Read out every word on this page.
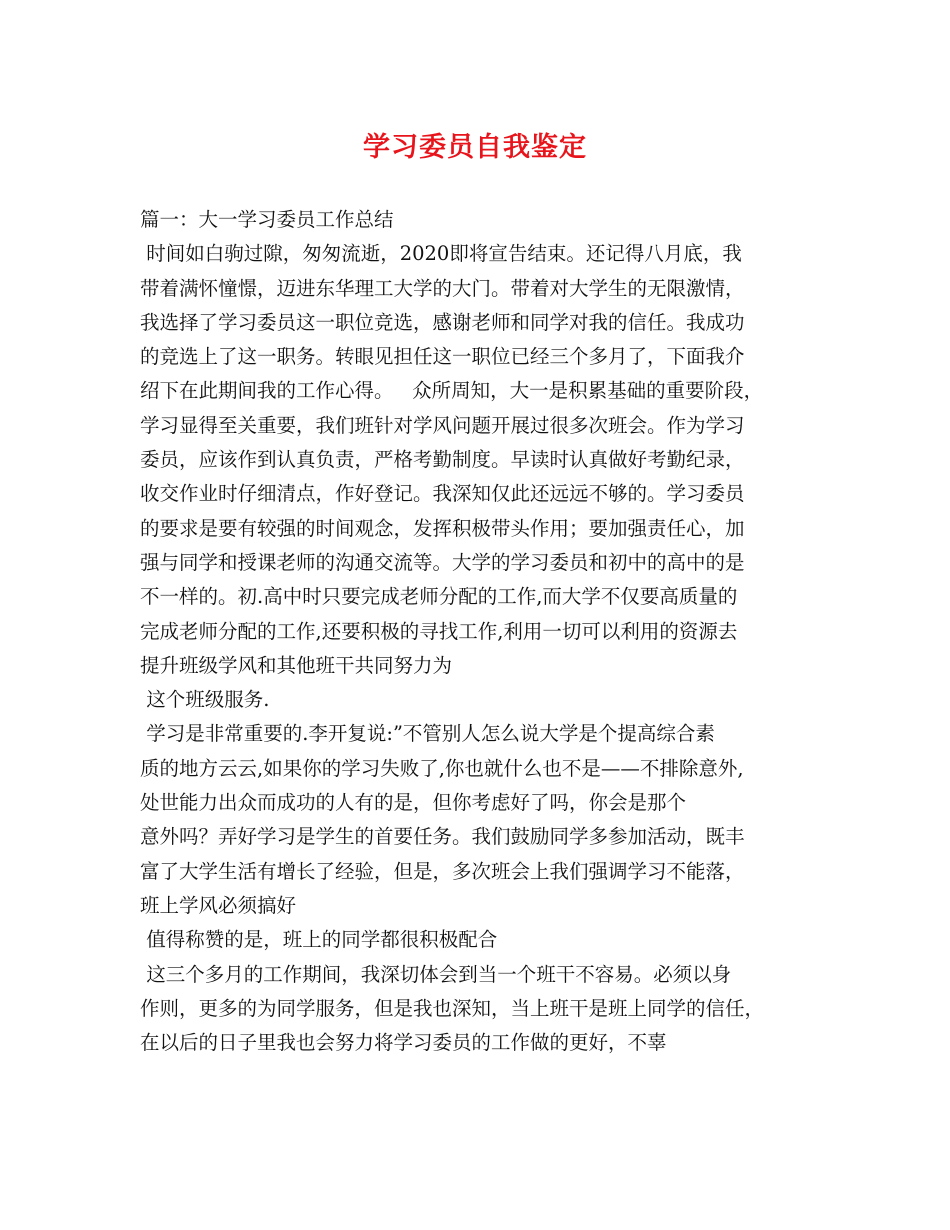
学习委员自我鉴定
篇一：大一学习委员工作总结
时间如白驹过隙，匆匆流逝，2020即将宣告结束。还记得八月底，我
带着满怀憧憬，迈进东华理工大学的大门。带着对大学生的无限激情，
我选择了学习委员这一职位竞选，感谢老师和同学对我的信任。我成功
的竞选上了这一职务。转眼见担任这一职位已经三个多月了，下面我介
绍下在此期间我的工作心得。   众所周知，大一是积累基础的重要阶段，
学习显得至关重要，我们班针对学风问题开展过很多次班会。作为学习
委员，应该作到认真负责，严格考勤制度。早读时认真做好考勤纪录，
收交作业时仔细清点，作好登记。我深知仅此还远远不够的。学习委员
的要求是要有较强的时间观念，发挥积极带头作用；要加强责任心，加
强与同学和授课老师的沟通交流等。大学的学习委员和初中的高中的是
不一样的。初.高中时只要完成老师分配的工作,而大学不仅要高质量的
完成老师分配的工作,还要积极的寻找工作,利用一切可以利用的资源去
提升班级学风和其他班干共同努力为
这个班级服务.
学习是非常重要的.李开复说:”不管别人怎么说大学是个提高综合素
质的地方云云,如果你的学习失败了,你也就什么也不是——不排除意外,
处世能力出众而成功的人有的是，但你考虑好了吗，你会是那个
意外吗？弄好学习是学生的首要任务。我们鼓励同学多参加活动，既丰
富了大学生活有增长了经验，但是，多次班会上我们强调学习不能落，
班上学风必须搞好
值得称赞的是，班上的同学都很积极配合
这三个多月的工作期间，我深切体会到当一个班干不容易。必须以身
作则，更多的为同学服务，但是我也深知，当上班干是班上同学的信任，
在以后的日子里我也会努力将学习委员的工作做的更好，不辜
